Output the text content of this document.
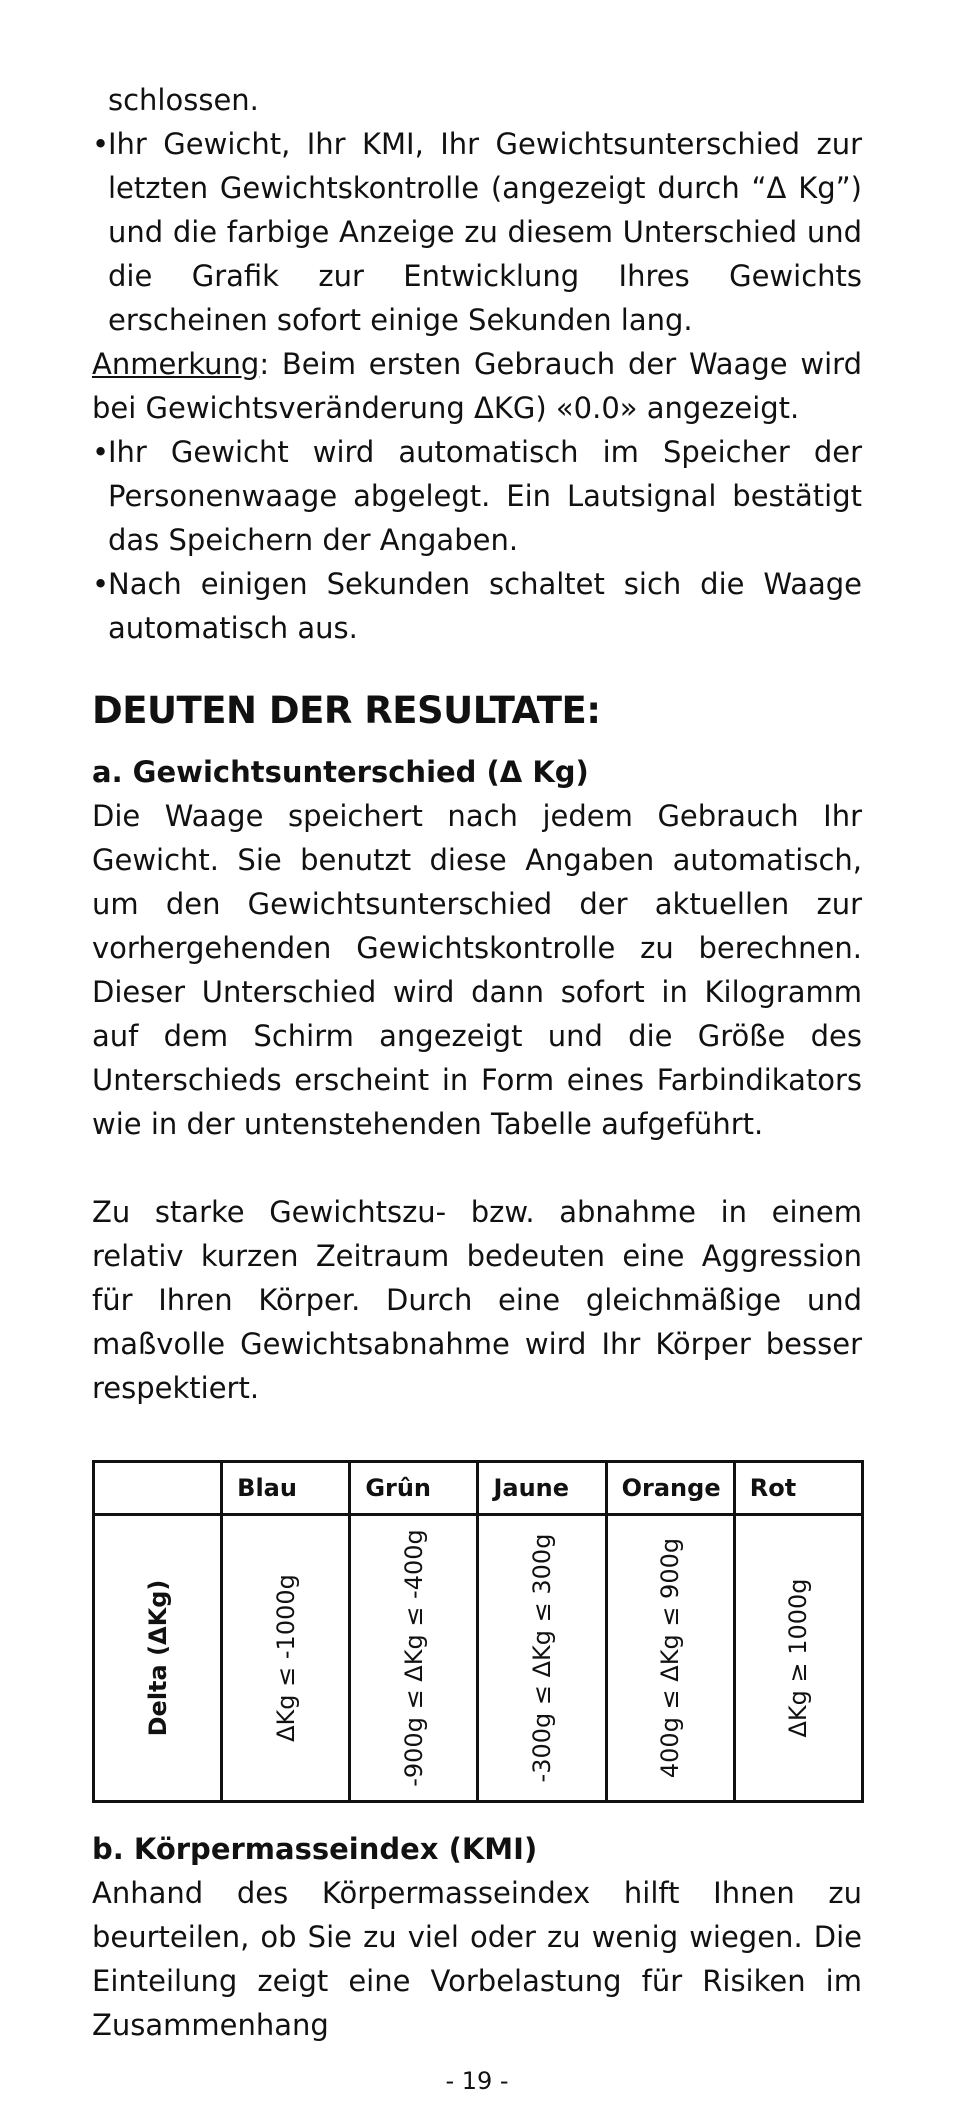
schlossen.

•
Ihr Gewicht, Ihr KMI, Ihr Gewichtsunterschied zur letzten Gewichtskontrolle (angezeigt durch “Δ Kg”) und die farbige Anzeige zu diesem Unterschied und die Grafik zur Entwicklung Ihres Gewichts erscheinen sofort einige Sekunden lang.

Anmerkung: Beim ersten Gebrauch der Waage wird bei Gewichtsveränderung ΔKG) «0.0» angezeigt.

•
Ihr Gewicht wird automatisch im Speicher der Personenwaage abgelegt. Ein Lautsignal bestätigt das Speichern der Angaben.
•
Nach einigen Sekunden schaltet sich die Waage automatisch aus.
DEUTEN DER RESULTATE:
a. Gewichtsunterschied (Δ Kg)

Die Waage speichert nach jedem Gebrauch Ihr Gewicht. Sie benutzt diese Angaben automatisch, um den Gewichtsunterschied der aktuellen zur vorhergehenden Gewichtskontrolle zu berechnen. Dieser Unterschied wird dann sofort in Kilogramm auf dem Schirm angezeigt und die Größe des Unterschieds erscheint in Form eines Farbindikators wie in der untenstehenden Tabelle aufgeführt.

Zu starke Gewichtszu- bzw. abnahme in einem relativ kurzen Zeitraum bedeuten eine Aggression für Ihren Körper. Durch eine gleichmäßige und maßvolle Gewichtsabnahme wird Ihr Körper besser respektiert.

	Blau	Grûn	Jaune	Orange	Rot

Delta (ΔKg)	ΔKg ≤ -1000g	-900g ≤ ΔKg ≤ -400g	-300g ≤ ΔKg ≤ 300g	400g ≤ ΔKg ≤ 900g	ΔKg ≥ 1000g
b. Körpermasseindex (KMI)

Anhand des Körpermasseindex hilft Ihnen zu beurteilen, ob Sie zu viel oder zu wenig wiegen. Die Einteilung zeigt eine Vorbelastung für Risiken im Zusammenhang

- 19 -
